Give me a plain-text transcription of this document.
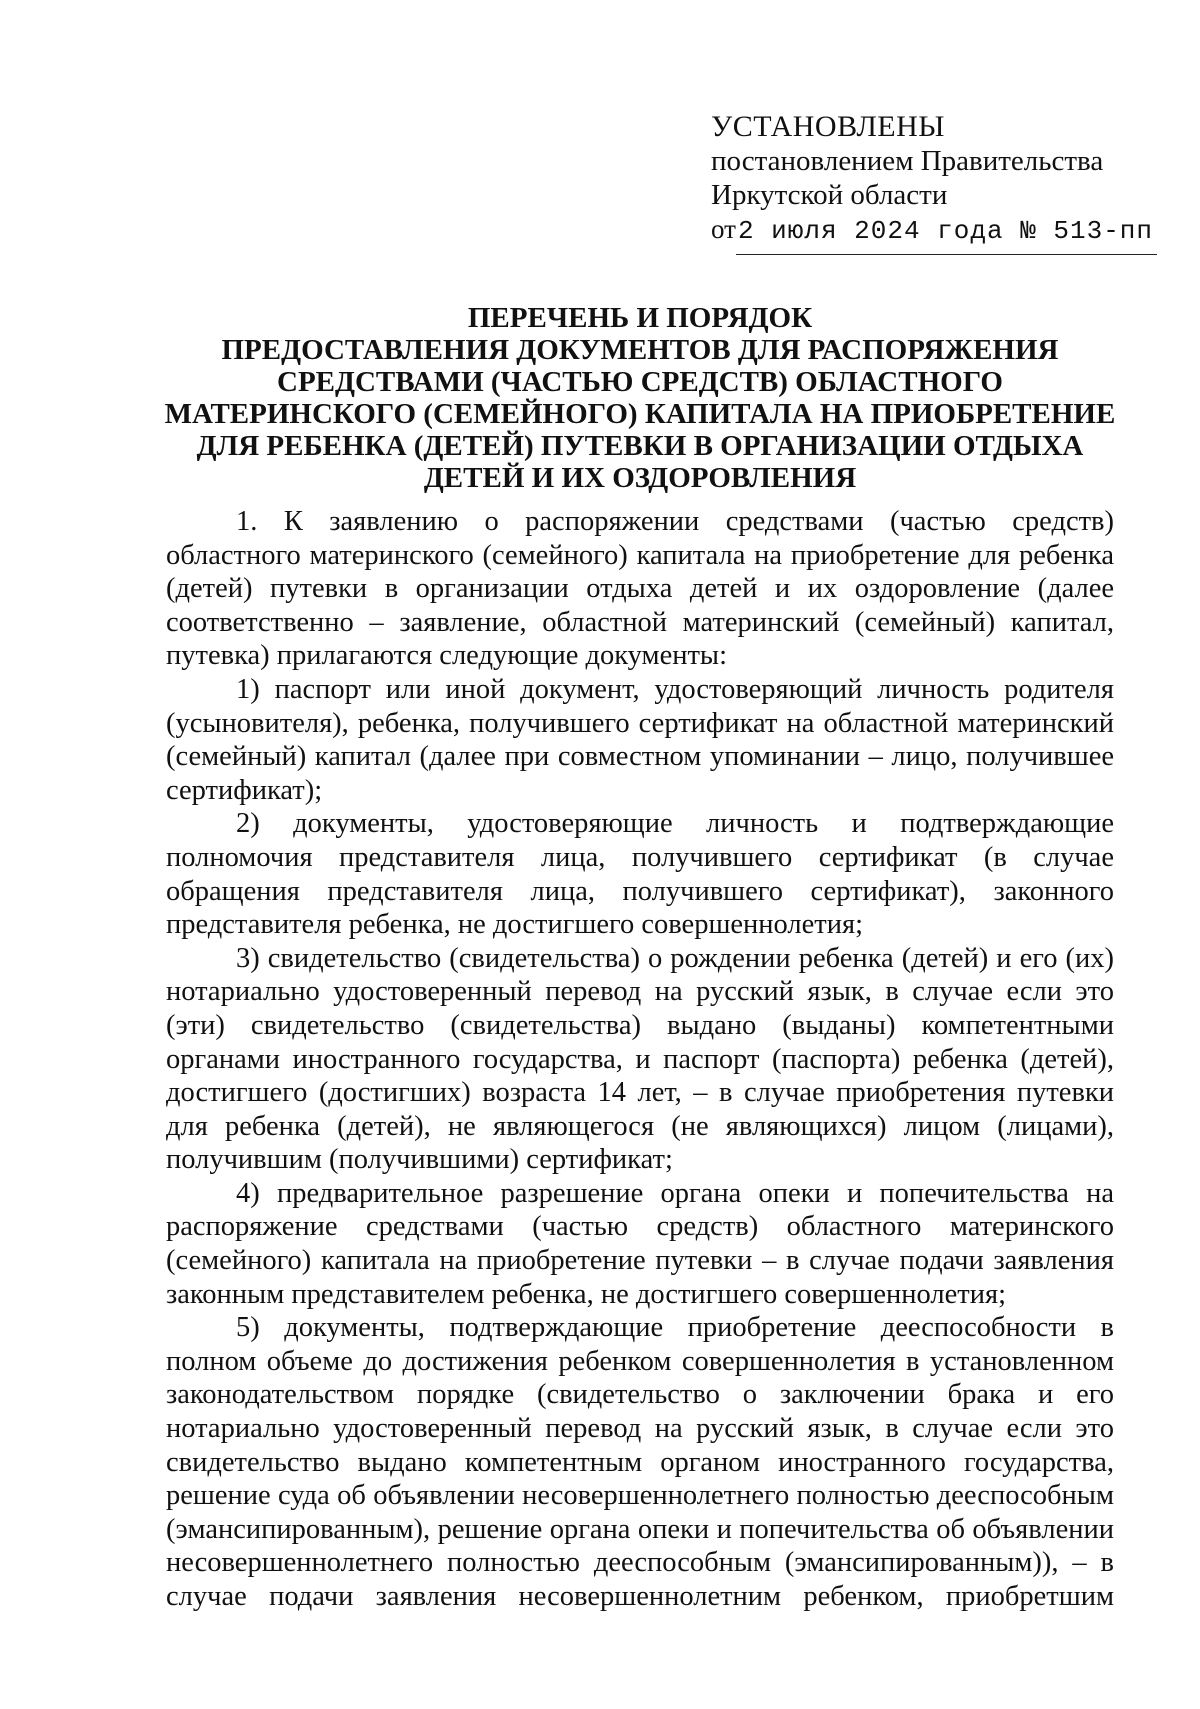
УСТАНОВЛЕНЫ
постановлением Правительства
Иркутской области
от2 июля 2024 года № 513-пп
ПЕРЕЧЕНЬ И ПОРЯДОК
ПРЕДОСТАВЛЕНИЯ ДОКУМЕНТОВ ДЛЯ РАСПОРЯЖЕНИЯ
СРЕДСТВАМИ (ЧАСТЬЮ СРЕДСТВ) ОБЛАСТНОГО
МАТЕРИНСКОГО (СЕМЕЙНОГО) КАПИТАЛА НА ПРИОБРЕТЕНИЕ
ДЛЯ РЕБЕНКА (ДЕТЕЙ) ПУТЕВКИ В ОРГАНИЗАЦИИ ОТДЫХА
ДЕТЕЙ И ИХ ОЗДОРОВЛЕНИЯ

1. К заявлению о распоряжении средствами (частью средств) областного материнского (семейного) капитала на приобретение для ребенка (детей) путевки в организации отдыха детей и их оздоровление (далее соответственно – заявление, областной материнский (семейный) капитал, путевка) прилагаются следующие документы:

1) паспорт или иной документ, удостоверяющий личность родителя (усыновителя), ребенка, получившего сертификат на областной материнский (семейный) капитал (далее при совместном упоминании – лицо, получившее сертификат);

2) документы, удостоверяющие личность и подтверждающие полномочия представителя лица, получившего сертификат (в случае обращения представителя лица, получившего сертификат), законного представителя ребенка, не достигшего совершеннолетия;

3) свидетельство (свидетельства) о рождении ребенка (детей) и его (их) нотариально удостоверенный перевод на русский язык, в случае если это (эти) свидетельство (свидетельства) выдано (выданы) компетентными органами иностранного государства, и паспорт (паспорта) ребенка (детей), достигшего (достигших) возраста 14 лет, – в случае приобретения путевки для ребенка (детей), не являющегося (не являющихся) лицом (лицами), получившим (получившими) сертификат;

4) предварительное разрешение органа опеки и попечительства на распоряжение средствами (частью средств) областного материнского (семейного) капитала на приобретение путевки – в случае подачи заявления законным представителем ребенка, не достигшего совершеннолетия;

5) документы, подтверждающие приобретение дееспособности в полном объеме до достижения ребенком совершеннолетия в установленном законодательством порядке (свидетельство о заключении брака и его нотариально удостоверенный перевод на русский язык, в случае если это свидетельство выдано компетентным органом иностранного государства, решение суда об объявлении несовершеннолетнего полностью дееспособным (эмансипированным), решение органа опеки и попечительства об объявлении несовершеннолетнего полностью дееспособным (эмансипированным)), – в случае подачи заявления несовершеннолетним ребенком, приобретшим
